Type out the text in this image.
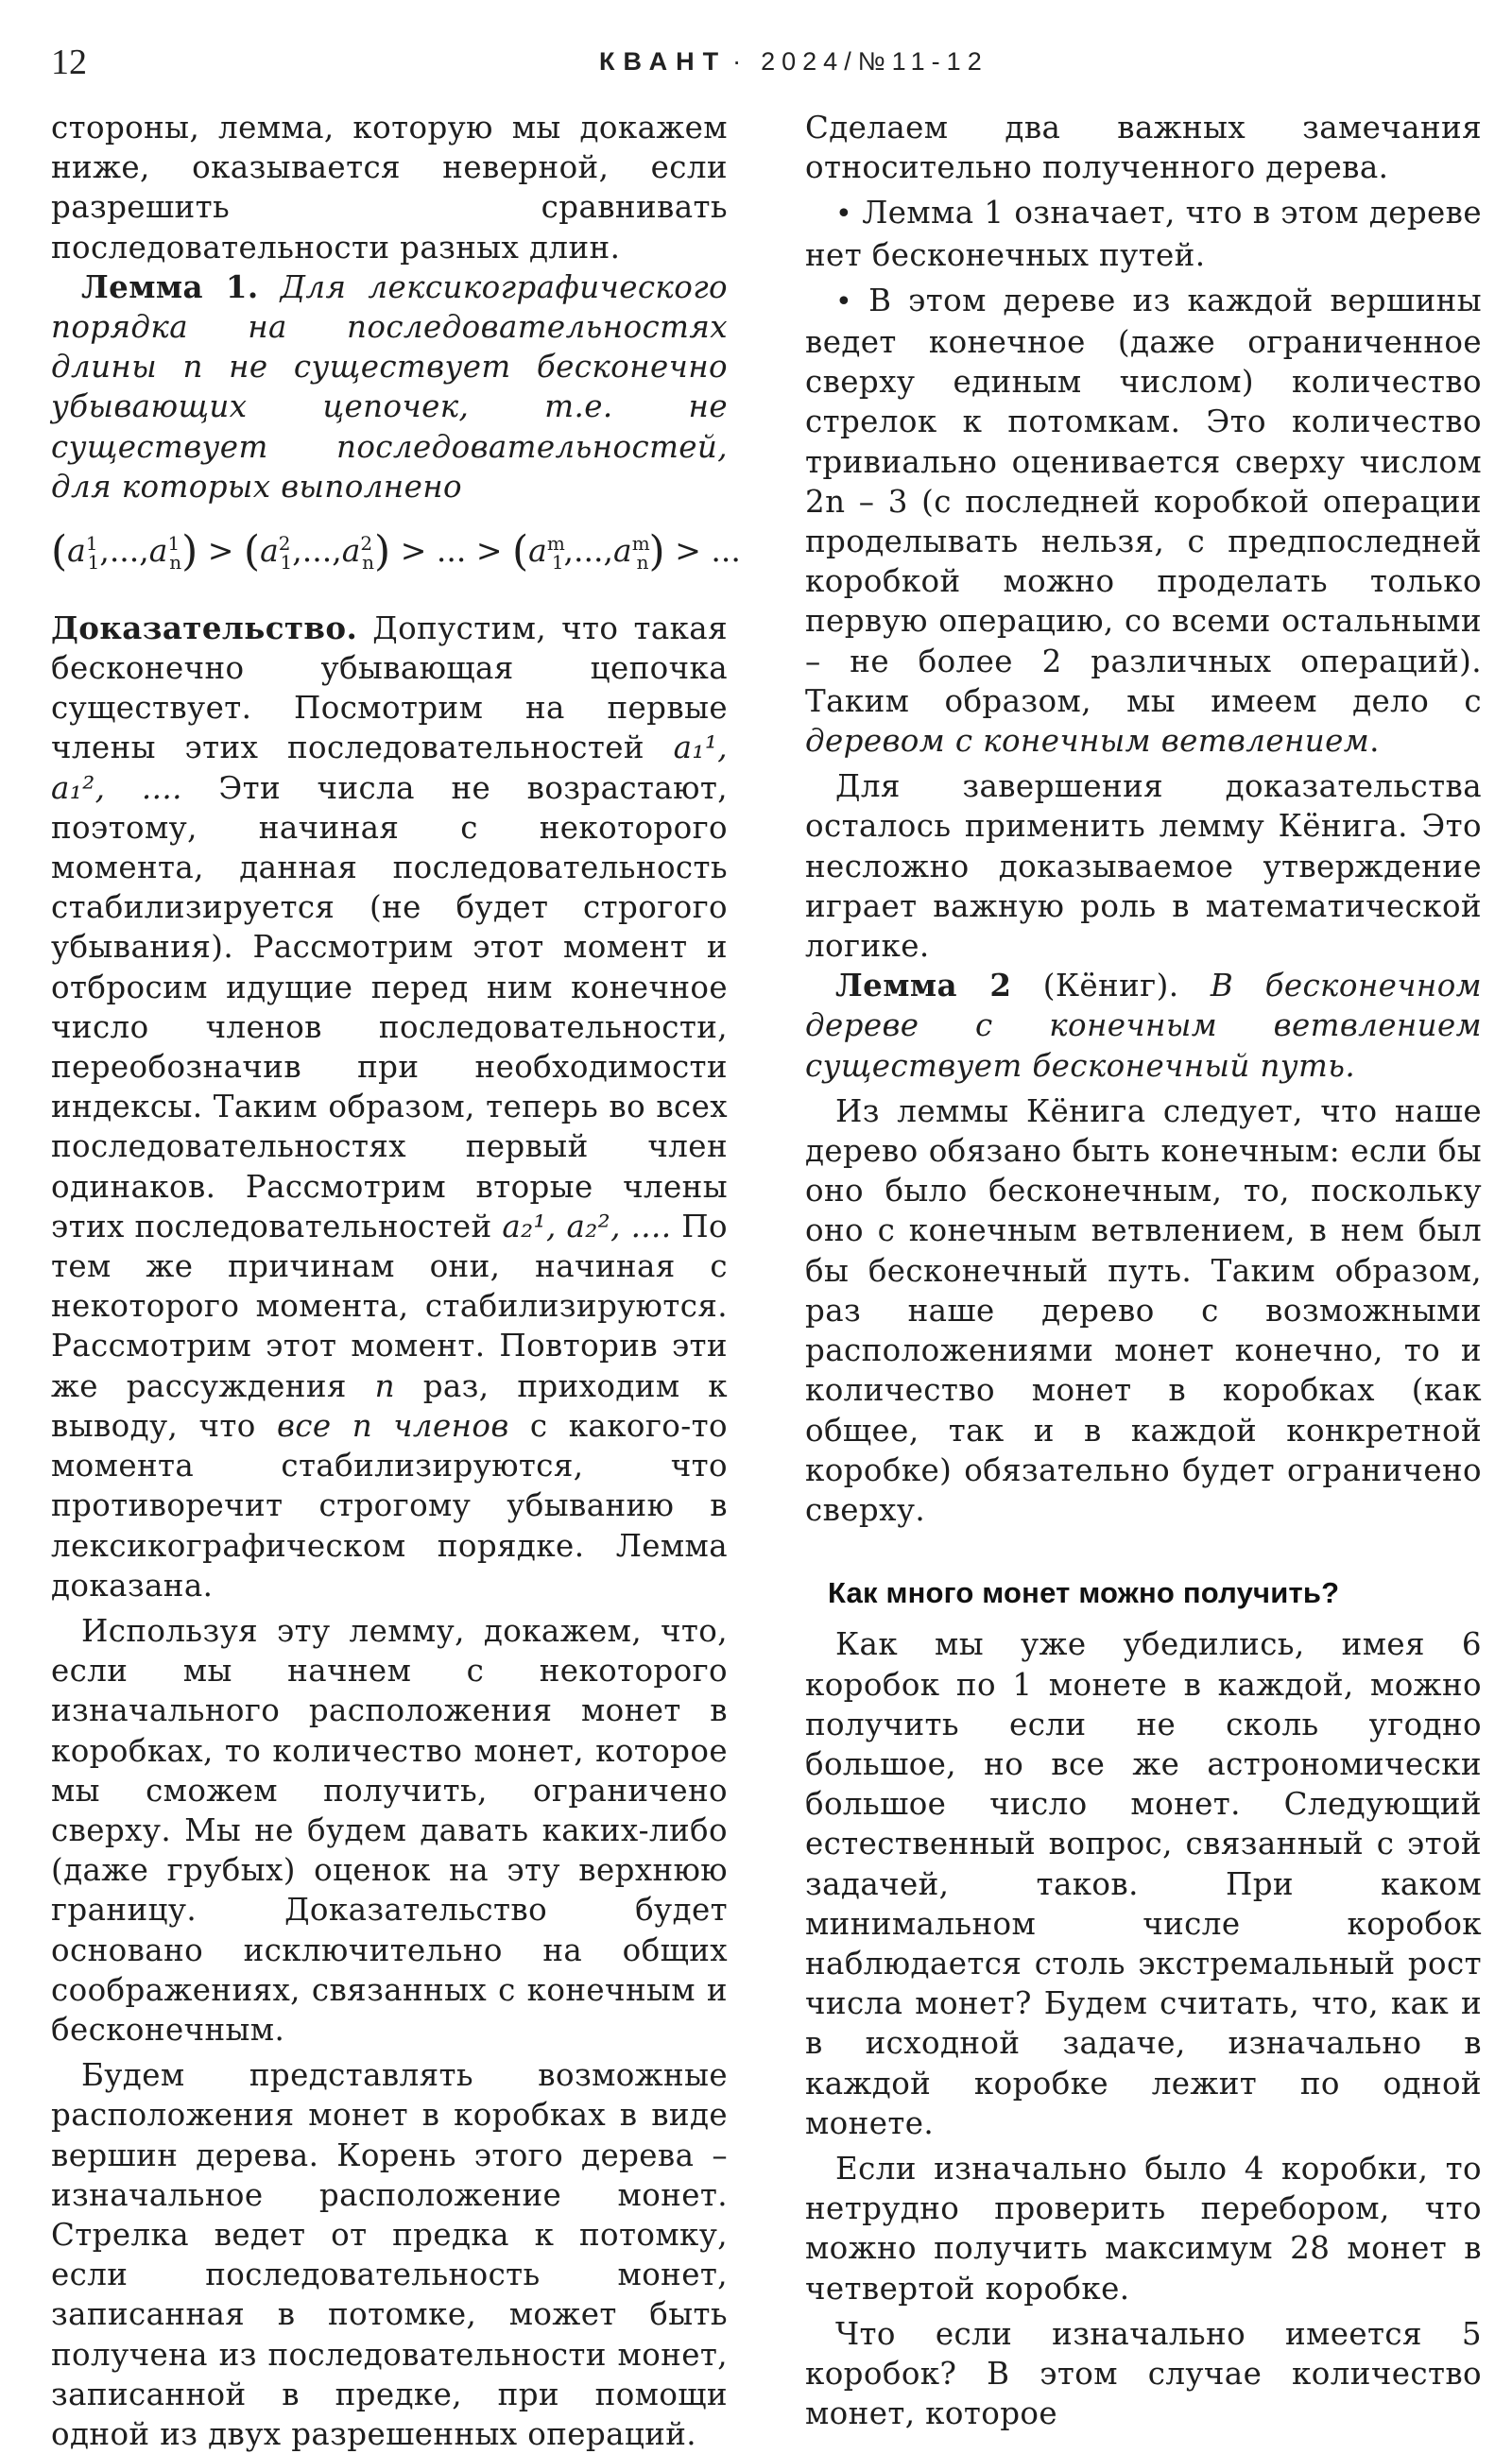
12	КВАНТ · 2024/№11-12

стороны, лемма, которую мы докажем ниже, оказывается неверной, если разрешить сравнивать последовательности разных длин.

Лемма 1. Для лексикографического порядка на последовательностях длины n не существует бесконечно убывающих цепочек, т.е. не существует последовательностей, для которых выполнено

$(a^1_1,...,a^1_n) > (a^2_1,...,a^2_n)$ > ... > $(a^m_1,...,a^m_n)$ > ...

Доказательство. Допустим, что такая бесконечно убывающая цепочка существует. Посмотрим на первые члены этих последовательностей a₁¹, a₁², .... Эти числа не возрастают, поэтому, начиная с некоторого момента, данная последовательность стабилизируется (не будет строгого убывания). Рассмотрим этот момент и отбросим идущие перед ним конечное число членов последовательности, переобозначив при необходимости индексы. Таким образом, теперь во всех последовательностях первый член одинаков. Рассмотрим вторые члены этих последовательностей a₂¹, a₂², .... По тем же причинам они, начиная с некоторого момента, стабилизируются. Рассмотрим этот момент. Повторив эти же рассуждения n раз, приходим к выводу, что все n членов с какого-то момента стабилизируются, что противоречит строгому убыванию в лексикографическом порядке. Лемма доказана.

Используя эту лемму, докажем, что, если мы начнем с некоторого изначального расположения монет в коробках, то количество монет, которое мы сможем получить, ограничено сверху. Мы не будем давать каких-либо (даже грубых) оценок на эту верхнюю границу. Доказательство будет основано исключительно на общих соображениях, связанных с конечным и бесконечным.

Будем представлять возможные расположения монет в коробках в виде вершин дерева. Корень этого дерева – изначальное расположение монет. Стрелка ведет от предка к потомку, если последовательность монет, записанная в потомке, может быть получена из последовательности монет, записанной в предке, при помощи одной из двух разрешенных операций.

Сделаем два важных замечания относительно полученного дерева.

• Лемма 1 означает, что в этом дереве нет бесконечных путей.

• В этом дереве из каждой вершины ведет конечное (даже ограниченное сверху единым числом) количество стрелок к потомкам. Это количество тривиально оценивается сверху числом 2n – 3 (с последней коробкой операции проделывать нельзя, с предпоследней коробкой можно проделать только первую операцию, со всеми остальными – не более 2 различных операций). Таким образом, мы имеем дело с деревом с конечным ветвлением.

Для завершения доказательства осталось применить лемму Кёнига. Это несложно доказываемое утверждение играет важную роль в математической логике.

Лемма 2 (Кёниг). В бесконечном дереве с конечным ветвлением существует бесконечный путь.

Из леммы Кёнига следует, что наше дерево обязано быть конечным: если бы оно было бесконечным, то, поскольку оно с конечным ветвлением, в нем был бы бесконечный путь. Таким образом, раз наше дерево с возможными расположениями монет конечно, то и количество монет в коробках (как общее, так и в каждой конкретной коробке) обязательно будет ограничено сверху.

Как много монет можно получить?

Как мы уже убедились, имея 6 коробок по 1 монете в каждой, можно получить если не сколь угодно большое, но все же астрономически большое число монет. Следующий естественный вопрос, связанный с этой задачей, таков. При каком минимальном числе коробок наблюдается столь экстремальный рост числа монет? Будем считать, что, как и в исходной задаче, изначально в каждой коробке лежит по одной монете.

Если изначально было 4 коробки, то нетрудно проверить перебором, что можно получить максимум 28 монет в четвертой коробке.

Что если изначально имеется 5 коробок? В этом случае количество монет, которое
